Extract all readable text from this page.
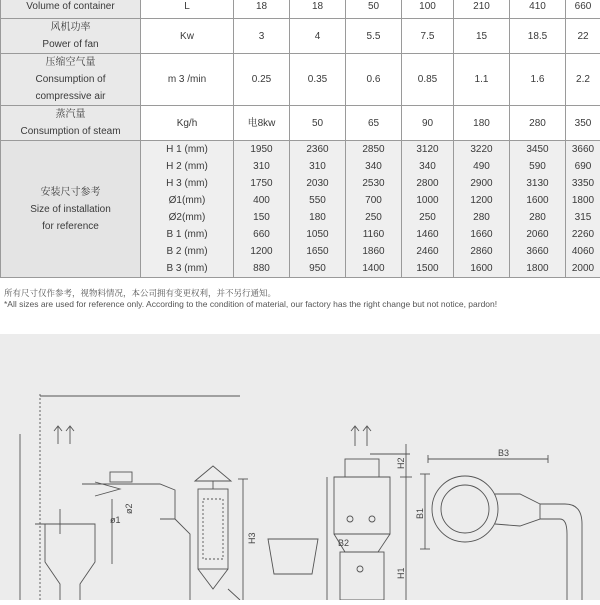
Volume of container	L	18	18	50	100	210	410	660

风机功率
Power of fan	Kw	3	4	5.5	7.5	15	18.5	22

压缩空气量
Consumption of
compressive air	m 3 /min	0.25	0.35	0.6	0.85	1.1	1.6	2.2

蒸汽量
Consumption of steam	Kg/h	电8kw	50	65	90	180	280	350

安装尺寸参考
Size of installation
for reference	H 1 (mm)	1950	2360	2850	3120	3220	3450	3660
	H 2 (mm)	310	310	340	340	490	590	690
	H 3 (mm)	1750	2030	2530	2800	2900	3130	3350
	Ø1(mm)	400	550	700	1000	1200	1600	1800
	Ø2(mm)	150	180	250	250	280	280	315
	B 1 (mm)	660	1050	1160	1460	1660	2060	2260
	B 2 (mm)	1200	1650	1860	2460	2860	3660	4060
	B 3 (mm)	880	950	1400	1500	1600	1800	2000
所有尺寸仅作参考，视物料情况，本公司拥有变更权利，并不另行通知。
*All sizes are used for reference only. According to the condition of material, our factory has the right change but not notice, pardon!
ø1
ø2
H3
H2
H1
B2
B3
B1
